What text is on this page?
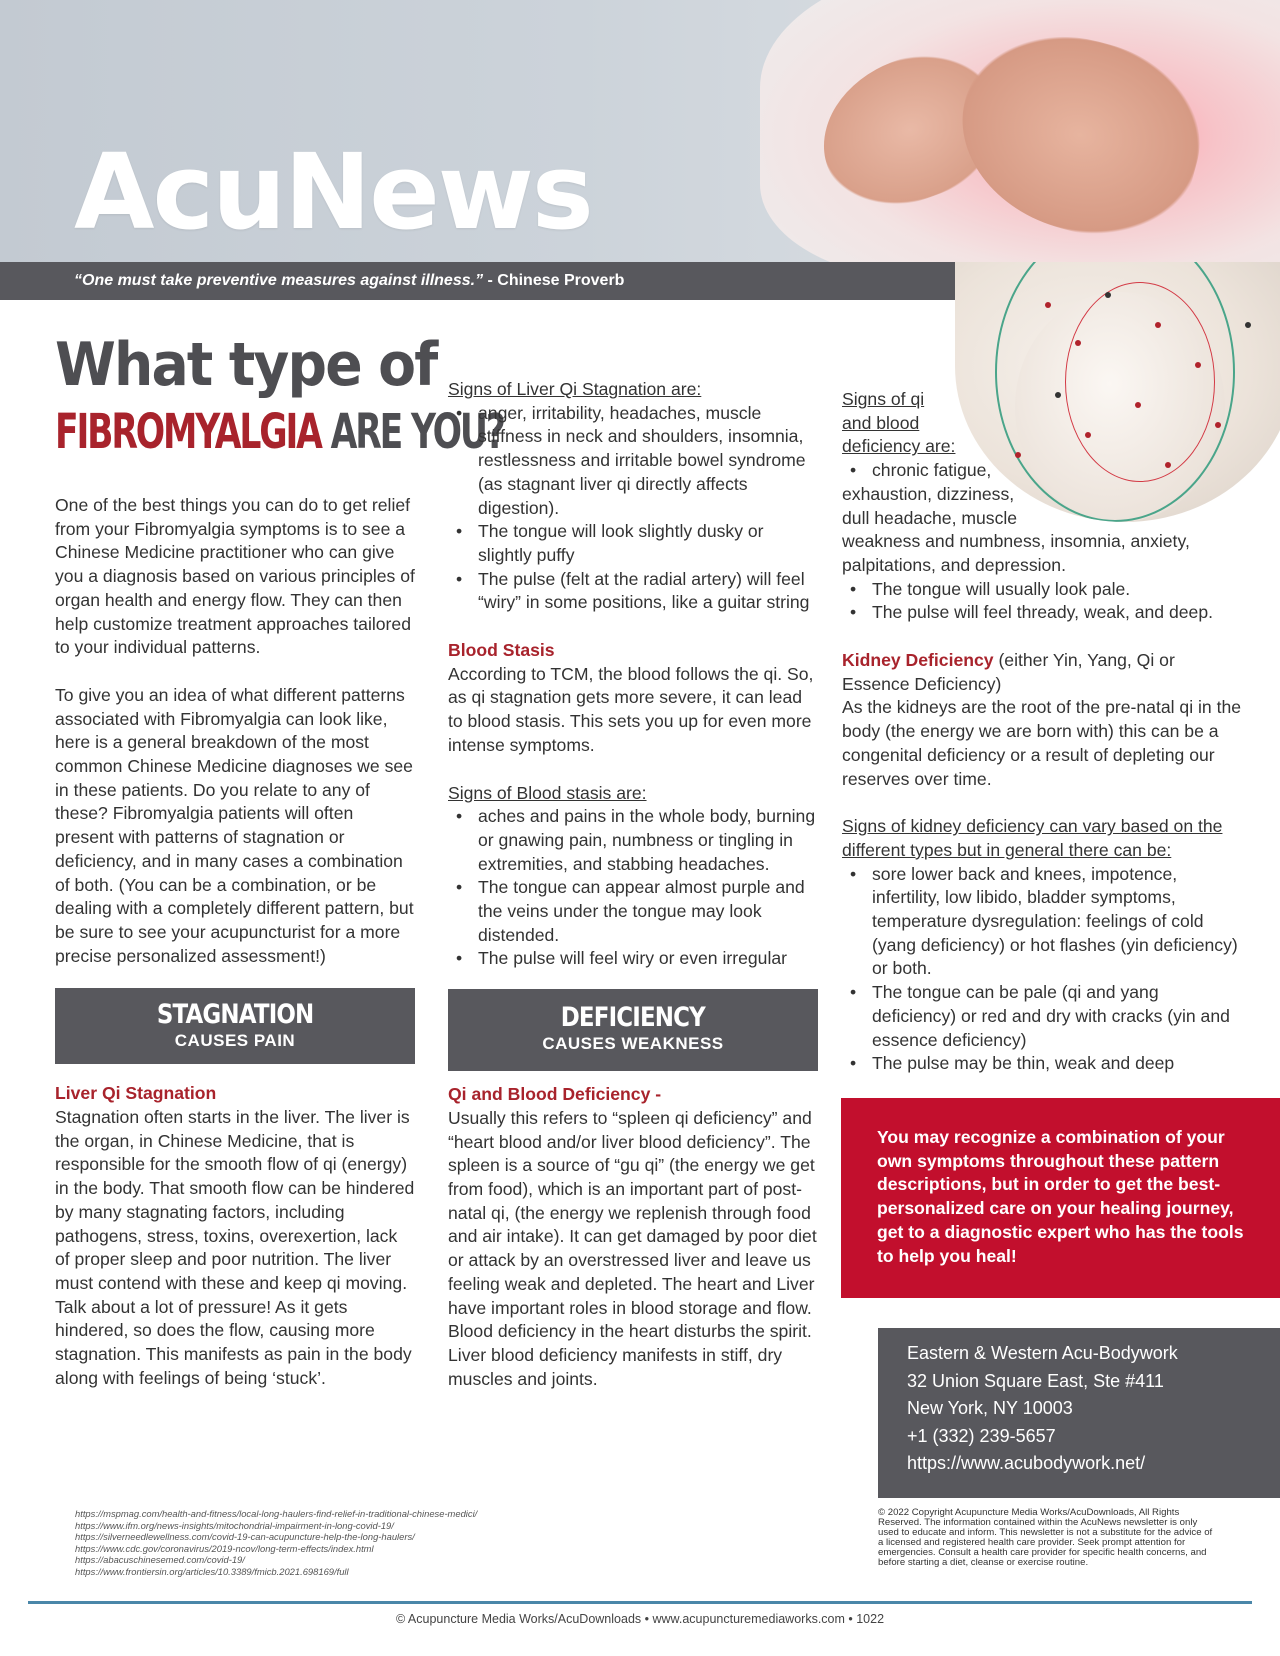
AcuNews
“One must take preventive measures against illness.” - Chinese Proverb
What type of
FIBROMYALGIA ARE YOU?

One of the best things you can do to get relief from your Fibromyalgia symptoms is to see a Chinese Medicine practitioner who can give you a diagnosis based on various principles of organ health and energy flow. They can then help customize treatment approaches tailored to your individual patterns.

To give you an idea of what different patterns associated with Fibromyalgia can look like, here is a general breakdown of the most common Chinese Medicine diagnoses we see in these patients. Do you relate to any of these? Fibromyalgia patients will often present with patterns of stagnation or deficiency, and in many cases a combination of both. (You can be a combination, or be dealing with a completely different pattern, but be sure to see your acupuncturist for a more precise personalized assessment!)

STAGNATION
CAUSES PAIN
Liver Qi Stagnation

Stagnation often starts in the liver. The liver is the organ, in Chinese Medicine, that is responsible for the smooth flow of qi (energy) in the body. That smooth flow can be hindered by many stagnating factors, including pathogens, stress, toxins, overexertion, lack of proper sleep and poor nutrition. The liver must contend with these and keep qi moving. Talk about a lot of pressure! As it gets hindered, so does the flow, causing more stagnation. This manifests as pain in the body along with feelings of being ‘stuck’.

Signs of Liver Qi Stagnation are:
• anger, irritability, headaches, muscle stiffness in neck and shoulders, insomnia, restlessness and irritable bowel syndrome (as stagnant liver qi directly affects digestion).
• The tongue will look slightly dusky or slightly puffy
• The pulse (felt at the radial artery) will feel “wiry” in some positions, like a guitar string
Blood Stasis

According to TCM, the blood follows the qi. So, as qi stagnation gets more severe, it can lead to blood stasis. This sets you up for even more intense symptoms.

Signs of Blood stasis are:
• aches and pains in the whole body, burning or gnawing pain, numbness or tingling in extremities, and stabbing headaches.
• The tongue can appear almost purple and the veins under the tongue may look distended.
• The pulse will feel wiry or even irregular
DEFICIENCY
CAUSES WEAKNESS
Qi and Blood Deficiency -

Usually this refers to “spleen qi deficiency” and “heart blood and/or liver blood deficiency”. The spleen is a source of “gu qi” (the energy we get from food), which is an important part of post-natal qi, (the energy we replenish through food and air intake). It can get damaged by poor diet or attack by an overstressed liver and leave us feeling weak and depleted. The heart and Liver have important roles in blood storage and flow. Blood deficiency in the heart disturbs the spirit. Liver blood deficiency manifests in stiff, dry muscles and joints.

Signs of qi
and blood
deficiency are:
• chronic fatigue,
exhaustion, dizziness,
dull headache, muscle
weakness and numbness, insomnia, anxiety, palpitations, and depression.
• The tongue will usually look pale.
• The pulse will feel thready, weak, and deep.
Kidney Deficiency (either Yin, Yang, Qi or Essence Deficiency)

As the kidneys are the root of the pre-natal qi in the body (the energy we are born with) this can be a congenital deficiency or a result of depleting our reserves over time.

Signs of kidney deficiency can vary based on the different types but in general there can be:
• sore lower back and knees, impotence, infertility, low libido, bladder symptoms, temperature dysregulation: feelings of cold (yang deficiency) or hot flashes (yin deficiency) or both.
• The tongue can be pale (qi and yang deficiency) or red and dry with cracks (yin and essence deficiency)
• The pulse may be thin, weak and deep
You may recognize a combination of your own symptoms throughout these pattern descriptions, but in order to get the best-personalized care on your healing journey, get to a diagnostic expert who has the tools to help you heal!
Eastern & Western Acu-Bodywork
32 Union Square East, Ste #411
New York, NY 10003
+1 (332) 239-5657
https://www.acubodywork.net/
https://mspmag.com/health-and-fitness/local-long-haulers-find-relief-in-traditional-chinese-medici/
https://www.ifm.org/news-insights/mitochondrial-impairment-in-long-covid-19/
https://silverneedlewellness.com/covid-19-can-acupuncture-help-the-long-haulers/
https://www.cdc.gov/coronavirus/2019-ncov/long-term-effects/index.html
https://abacuschinesemed.com/covid-19/
https://www.frontiersin.org/articles/10.3389/fmicb.2021.698169/full
© 2022 Copyright Acupuncture Media Works/AcuDownloads, All Rights Reserved. The information contained within the AcuNews newsletter is only used to educate and inform. This newsletter is not a substitute for the advice of a licensed and registered health care provider. Seek prompt attention for emergencies. Consult a health care provider for specific health concerns, and before starting a diet, cleanse or exercise routine.
© Acupuncture Media Works/AcuDownloads • www.acupuncturemediaworks.com • 1022
